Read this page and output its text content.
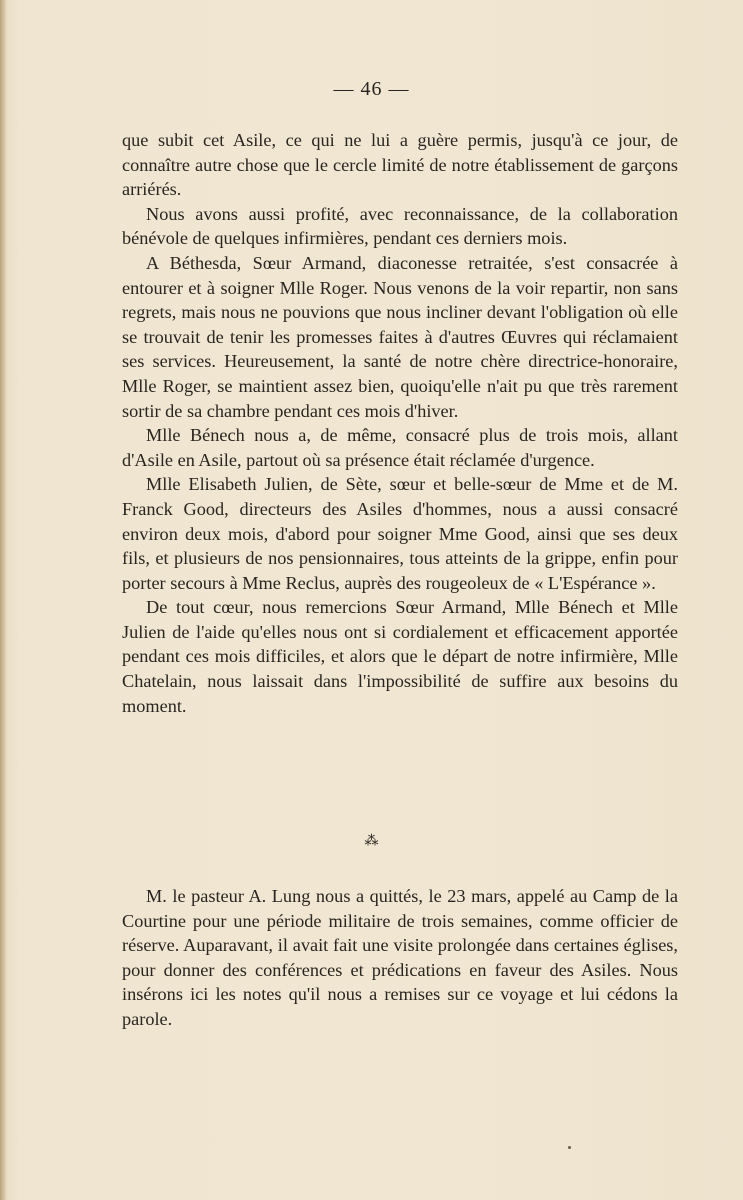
— 46 —

que subit cet Asile, ce qui ne lui a guère permis, jusqu'à ce jour, de connaître autre chose que le cercle limité de notre établissement de garçons arriérés.

Nous avons aussi profité, avec reconnaissance, de la collaboration bénévole de quelques infirmières, pendant ces derniers mois.

A Béthesda, Sœur Armand, diaconesse retraitée, s'est consacrée à entourer et à soigner Mlle Roger. Nous venons de la voir repartir, non sans regrets, mais nous ne pouvions que nous incliner devant l'obligation où elle se trouvait de tenir les promesses faites à d'autres Œuvres qui réclamaient ses services. Heureusement, la santé de notre chère directrice-honoraire, Mlle Roger, se maintient assez bien, quoiqu'elle n'ait pu que très rarement sortir de sa chambre pendant ces mois d'hiver.

Mlle Bénech nous a, de même, consacré plus de trois mois, allant d'Asile en Asile, partout où sa présence était réclamée d'urgence.

Mlle Elisabeth Julien, de Sète, sœur et belle-sœur de Mme et de M. Franck Good, directeurs des Asiles d'hommes, nous a aussi consacré environ deux mois, d'abord pour soigner Mme Good, ainsi que ses deux fils, et plusieurs de nos pensionnaires, tous atteints de la grippe, enfin pour porter secours à Mme Reclus, auprès des rougeoleux de « L'Espérance ».

De tout cœur, nous remercions Sœur Armand, Mlle Bénech et Mlle Julien de l'aide qu'elles nous ont si cordialement et efficacement apportée pendant ces mois difficiles, et alors que le départ de notre infirmière, Mlle Chatelain, nous laissait dans l'impossibilité de suffire aux besoins du moment.

⁂

M. le pasteur A. Lung nous a quittés, le 23 mars, appelé au Camp de la Courtine pour une période militaire de trois semaines, comme officier de réserve. Auparavant, il avait fait une visite prolongée dans certaines églises, pour donner des conférences et prédications en faveur des Asiles. Nous insérons ici les notes qu'il nous a remises sur ce voyage et lui cédons la parole.
